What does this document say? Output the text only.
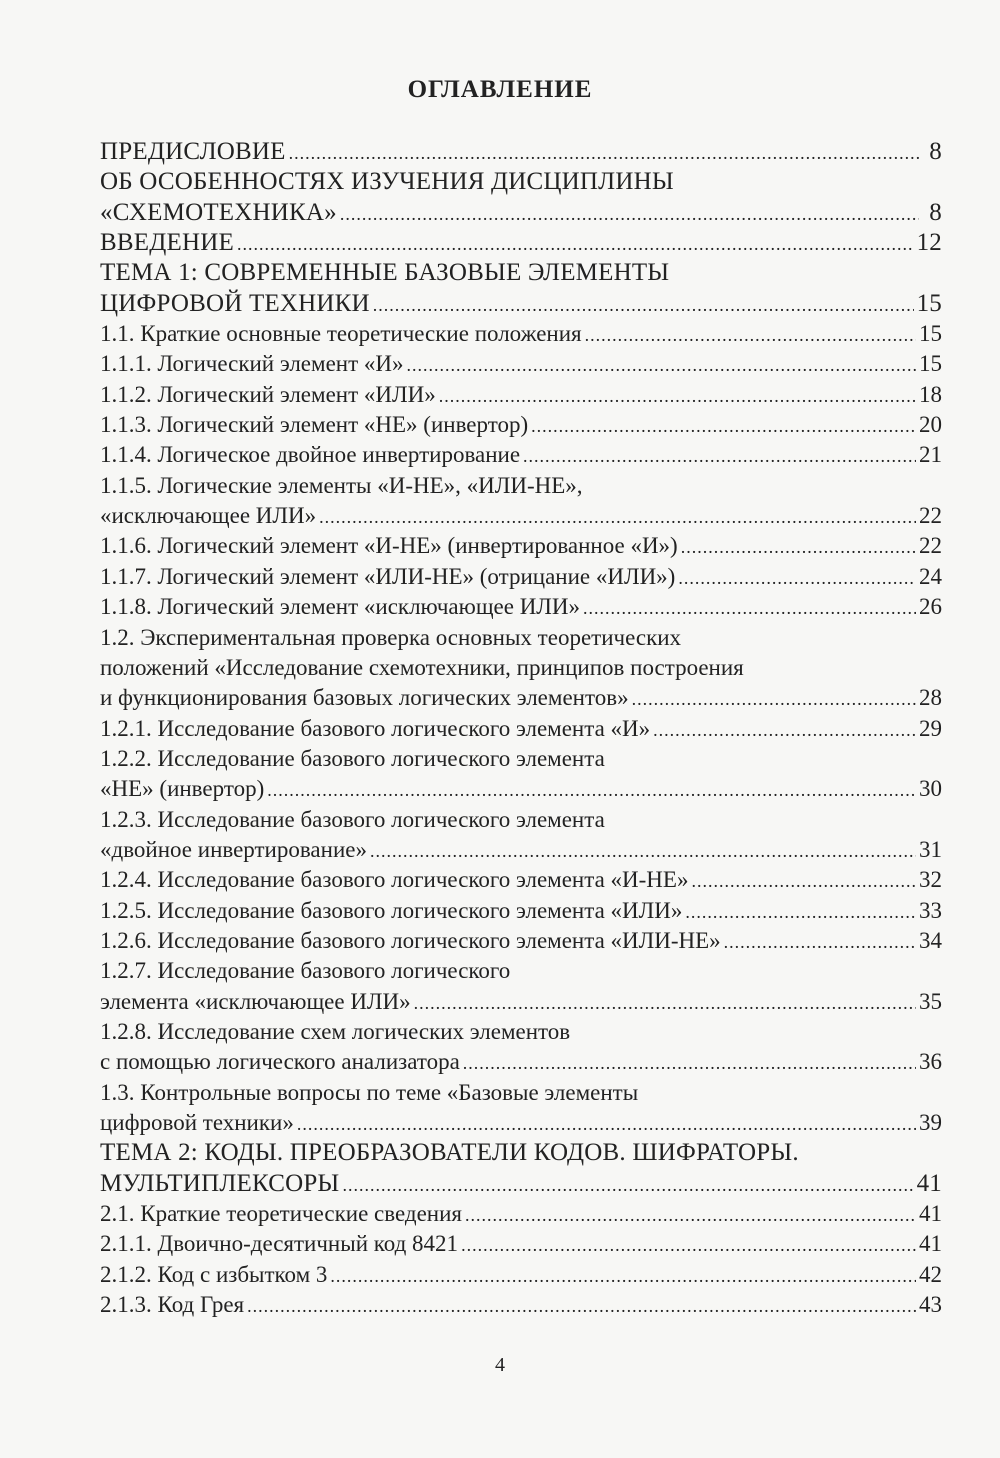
ОГЛАВЛЕНИЕ
ПРЕДИСЛОВИЕ .....	8
ОБ ОСОБЕННОСТЯХ ИЗУЧЕНИЯ ДИСЦИПЛИНЫ
«СХЕМОТЕХНИКА» .....	8
ВВЕДЕНИЕ .....	12
ТЕМА 1: СОВРЕМЕННЫЕ БАЗОВЫЕ ЭЛЕМЕНТЫ
ЦИФРОВОЙ ТЕХНИКИ .....	15
1.1. Краткие основные теоретические положения .....	15
1.1.1. Логический элемент «И» .....	15
1.1.2. Логический элемент «ИЛИ» .....	18
1.1.3. Логический элемент «НЕ» (инвертор) .....	20
1.1.4. Логическое двойное инвертирование .....	21
1.1.5. Логические элементы «И-НЕ», «ИЛИ-НЕ»,
«исключающее ИЛИ» .....	22
1.1.6. Логический элемент «И-НЕ» (инвертированное «И») .....	22
1.1.7. Логический элемент «ИЛИ-НЕ» (отрицание «ИЛИ») .....	24
1.1.8. Логический элемент «исключающее ИЛИ» .....	26
1.2. Экспериментальная проверка основных теоретических
положений «Исследование схемотехники, принципов построения
и функционирования базовых логических элементов» .....	28
1.2.1. Исследование базового логического элемента «И» .....	29
1.2.2. Исследование базового логического элемента
«НЕ» (инвертор) .....	30
1.2.3. Исследование базового логического элемента
«двойное инвертирование» .....	31
1.2.4. Исследование базового логического элемента «И-НЕ» .....	32
1.2.5. Исследование базового логического элемента «ИЛИ» .....	33
1.2.6. Исследование базового логического элемента «ИЛИ-НЕ» .....	34
1.2.7. Исследование базового логического
элемента «исключающее ИЛИ» .....	35
1.2.8. Исследование схем логических элементов
с помощью логического анализатора .....	36
1.3. Контрольные вопросы по теме «Базовые элементы
цифровой техники» .....	39
ТЕМА 2: КОДЫ. ПРЕОБРАЗОВАТЕЛИ КОДОВ. ШИФРАТОРЫ.
МУЛЬТИПЛЕКСОРЫ .....	41
2.1. Краткие теоретические сведения .....	41
2.1.1. Двоично-десятичный код 8421 .....	41
2.1.2. Код с избытком 3 .....	42
2.1.3. Код Грея .....	43
4
